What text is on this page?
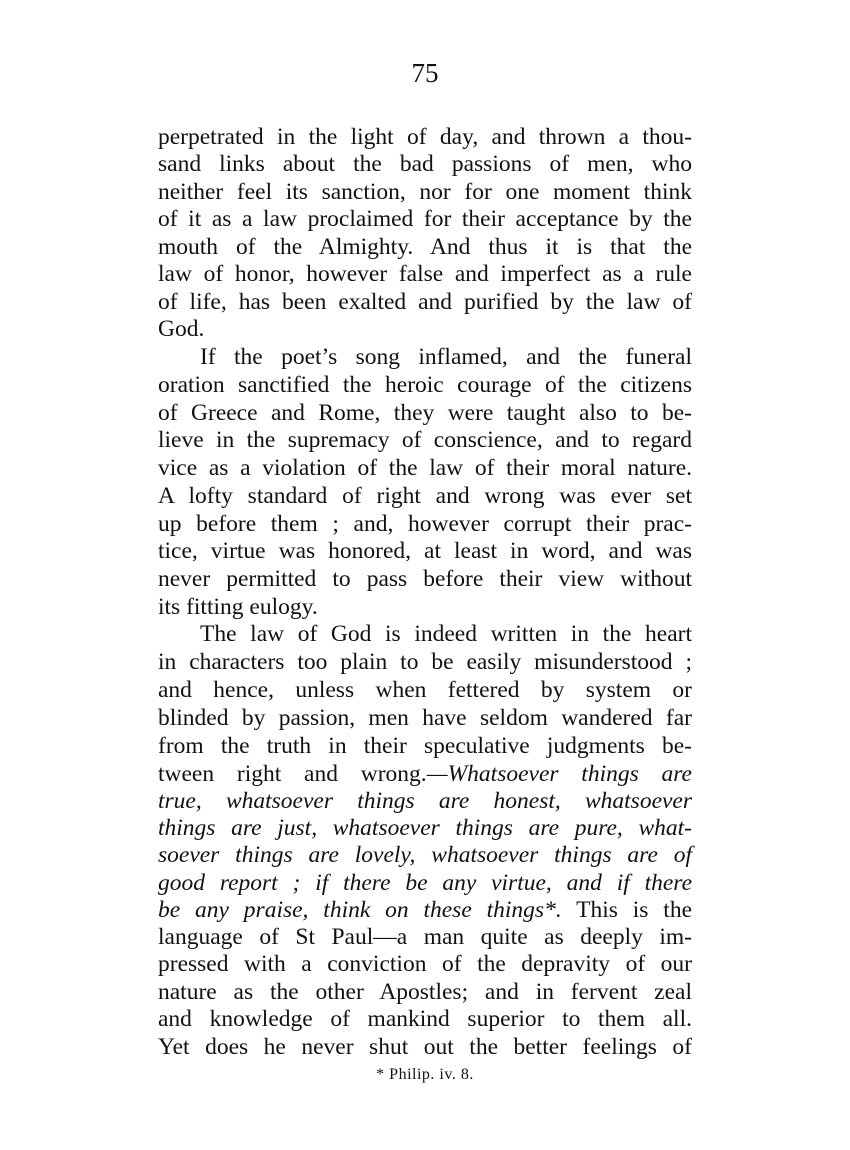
75
perpetrated in the light of day, and thrown a thou-
sand links about the bad passions of men, who
neither feel its sanction, nor for one moment think
of it as a law proclaimed for their acceptance by the
mouth of the Almighty. And thus it is that the
law of honor, however false and imperfect as a rule
of life, has been exalted and purified by the law of
God.
If the poet’s song inflamed, and the funeral
oration sanctified the heroic courage of the citizens
of Greece and Rome, they were taught also to be-
lieve in the supremacy of conscience, and to regard
vice as a violation of the law of their moral nature.
A lofty standard of right and wrong was ever set
up before them ; and, however corrupt their prac-
tice, virtue was honored, at least in word, and was
never permitted to pass before their view without
its fitting eulogy.
The law of God is indeed written in the heart
in characters too plain to be easily misunderstood ;
and hence, unless when fettered by system or
blinded by passion, men have seldom wandered far
from the truth in their speculative judgments be-
tween right and wrong.—Whatsoever things are
true, whatsoever things are honest, whatsoever
things are just, whatsoever things are pure, what-
soever things are lovely, whatsoever things are of
good report ; if there be any virtue, and if there
be any praise, think on these things*. This is the
language of St Paul—a man quite as deeply im-
pressed with a conviction of the depravity of our
nature as the other Apostles; and in fervent zeal
and knowledge of mankind superior to them all.
Yet does he never shut out the better feelings of
* Philip. iv. 8.
